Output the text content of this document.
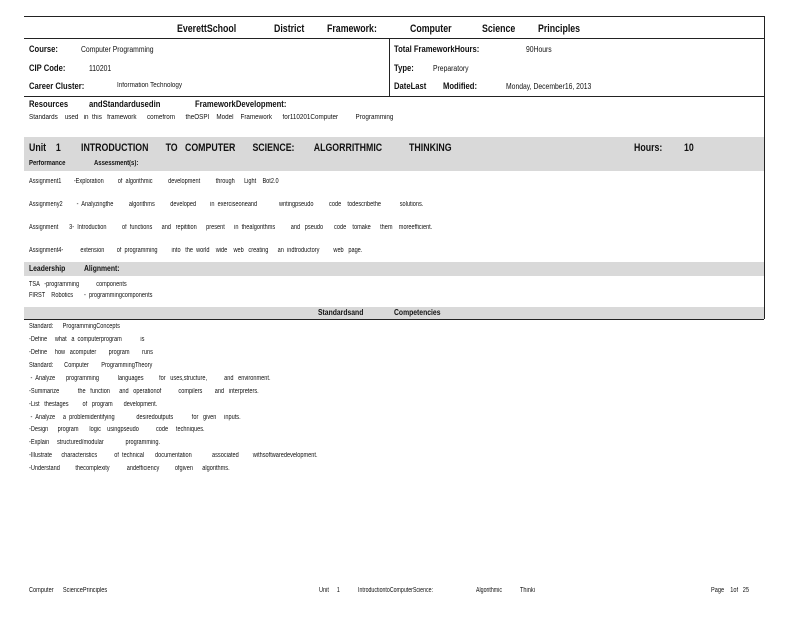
EverettSchool	District Framework:	Computer	Science Principles
Course:	Computer Programming
CIP Code:	110201
Career Cluster:	Information Technology
Total FrameworkHours:	90Hours
Type: Preparatory
DateLast Modified:	Monday, December16, 2013
Resources andStandardusedin	FrameworkDevelopment:
Standards    used   in  this   framework      comefrom      theOSPI    Model    Framework      for110201Computer          Programming
Unit    1 INTRODUCTION       TO   COMPUTER       SCIENCE:        ALGORRITHMIC           THINKING	Hours: 10
Performance	Assessment(s):
Assignment1        -Exploration         of  algorithmic          development          through      Light    Bot2.0
Assignmeny2         -  Analyzingthe          algorithms          developed         in  exerciseoneand              writingpseudo          code    todescribethe            solutions.
Assignment       3-  Introduction          of  functions      and   repitition      present      in  thealgorithms          and   pseudo       code    tomake      them    moreefficient.
Assignment4-           extension        of  programming         into   the  world    wide    web   creating      an  indtroductory         web   page.
Leadership Alignment:
TSA   -programming           components
FIRST    Robotics       -  programmingcomponents
Standardsand	Competencies
Standard:      ProgrammingConcepts
-Define     what   a  computerprogram            is
-Define     how   acomputer        program        runs
Standard:       Computer        ProgrammingTheory
-  Analyze       programming            languages          for   uses,structure,           and   environment.
-Summarize            the   function      and   operationof           compilers        and   interpreters.
-List   thestages         of   program       development.
-  Analyze     a  problemidentifying              desiredoutputs            for   given     inputs.
-Design      program       logic    usingpseudo           code     techniques.
-Explain     structured/modular              programming.
-Illustrate      characteristics           of  technical       documentation             associated         withsoftwaredevelopment.
-Understand          thecomplexity           andefficiency          ofgiven      algorithms.
Computer      SciencePrinciples	Unit     1	IntroductiontoComputerScience:	Algorithmic	Thinki	Page    1of   25
